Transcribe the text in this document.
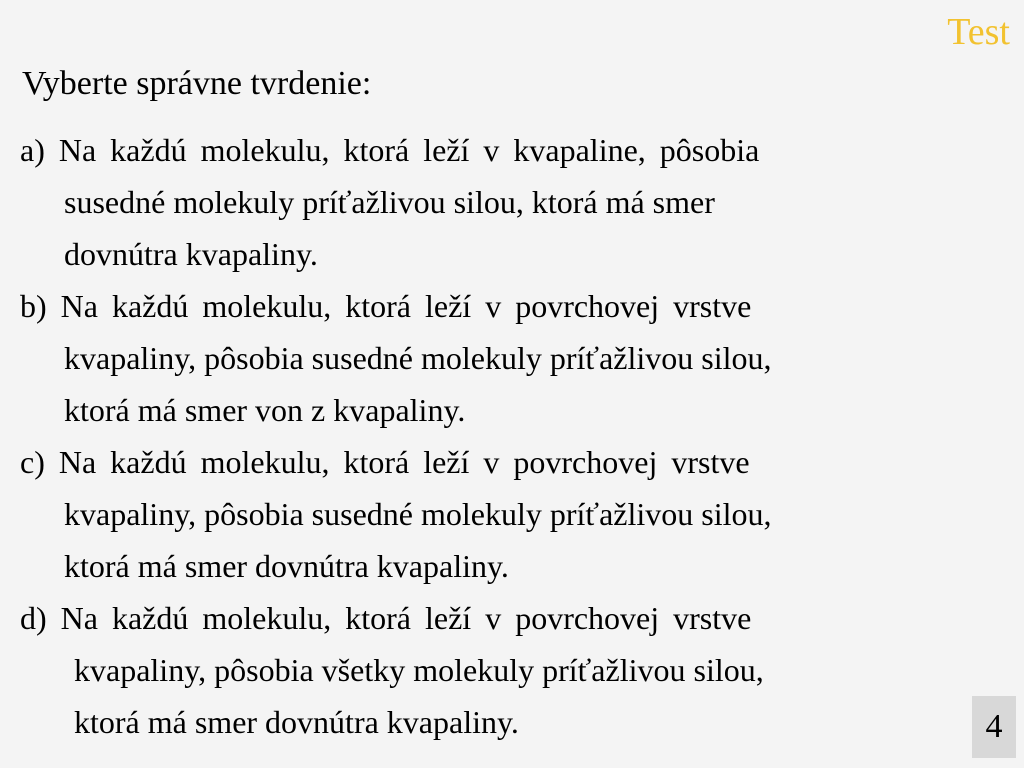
Test
Vyberte správne tvrdenie:
a) Na každú molekulu, ktorá leží v kvapaline, pôsobia
susedné molekuly príťažlivou silou, ktorá má smer
dovnútra kvapaliny.
b) Na každú molekulu, ktorá leží v povrchovej vrstve
kvapaliny, pôsobia susedné molekuly príťažlivou silou,
ktorá má smer von z kvapaliny.
c) Na každú molekulu, ktorá leží v povrchovej vrstve
kvapaliny, pôsobia susedné molekuly príťažlivou silou,
ktorá má smer dovnútra kvapaliny.
d) Na každú molekulu, ktorá leží v povrchovej vrstve
kvapaliny, pôsobia všetky molekuly príťažlivou silou,
ktorá má smer dovnútra kvapaliny.	4
